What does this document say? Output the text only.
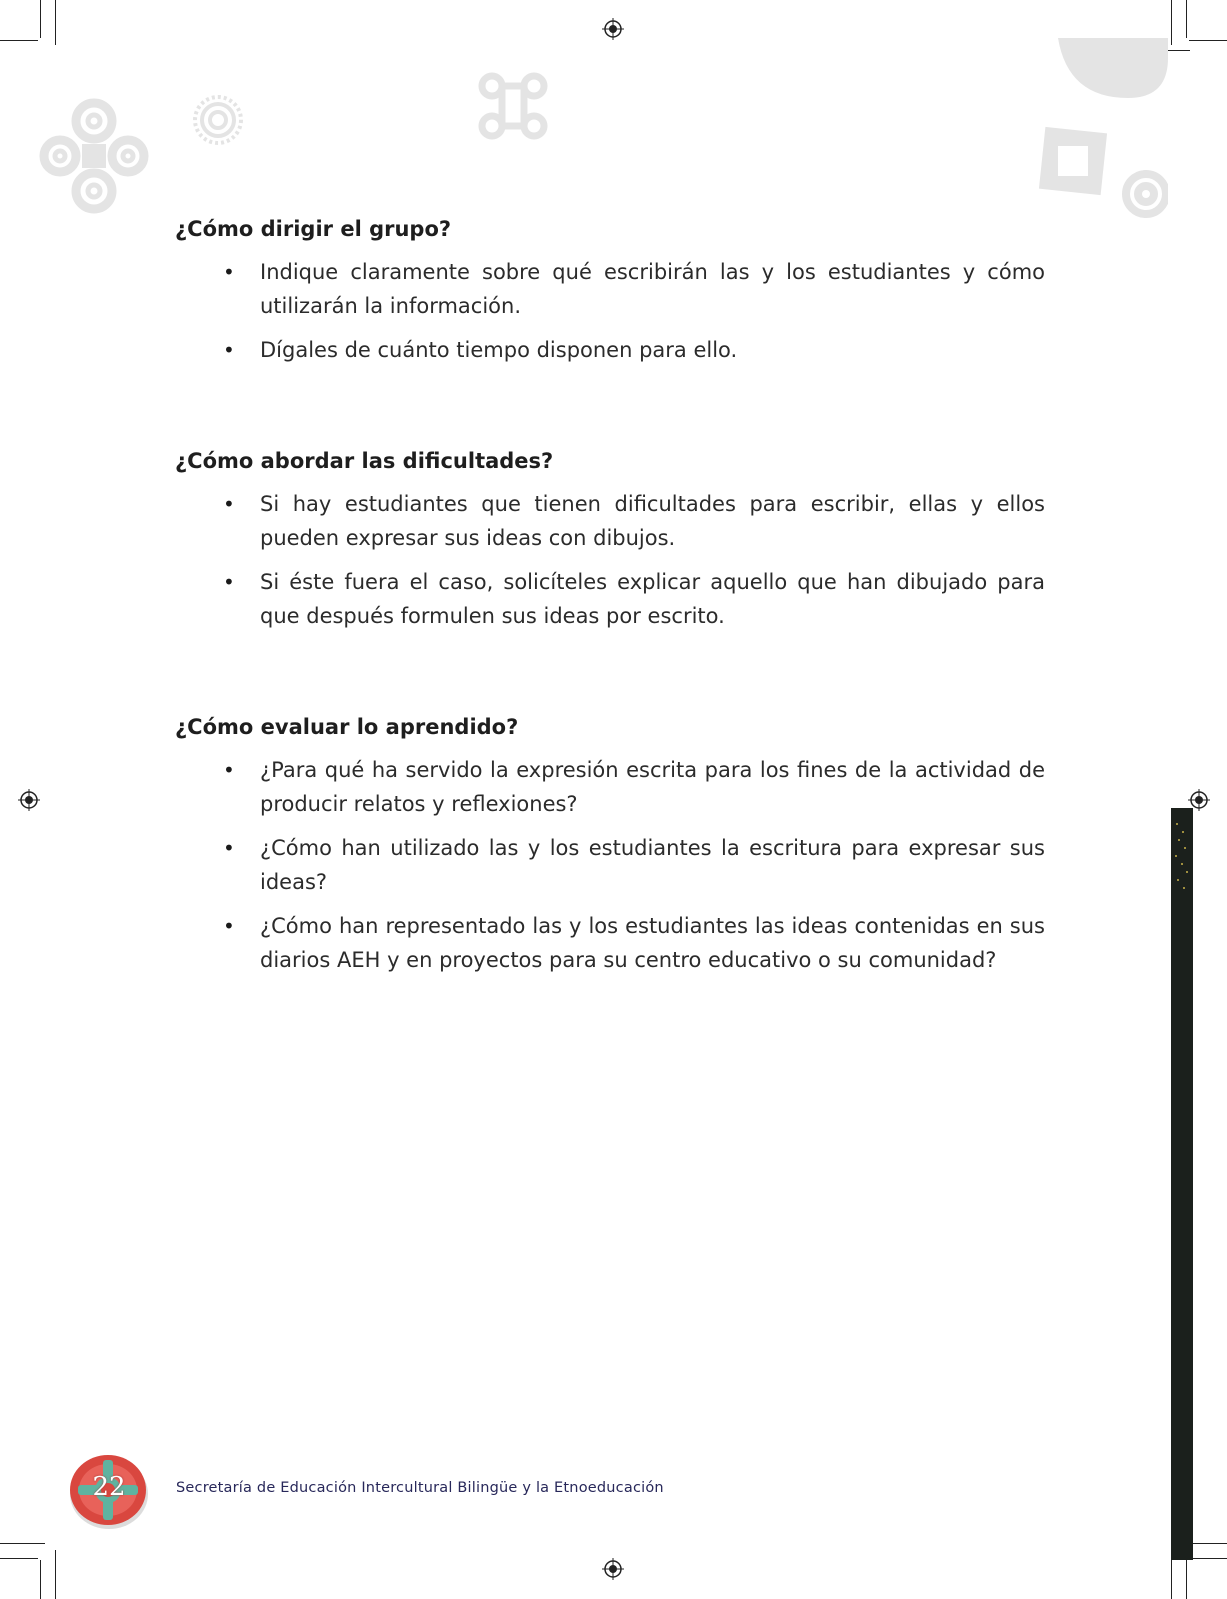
¿Cómo dirigir el grupo?
• Indique claramente sobre qué escribirán las y los estudiantes y cómo utilizarán la información.
• Dígales de cuánto tiempo disponen para ello.
¿Cómo abordar las dificultades?
• Si hay estudiantes que tienen dificultades para escribir, ellas y ellos pueden expresar sus ideas con dibujos.
• Si éste fuera el caso, solicíteles explicar aquello que han dibujado para que después formulen sus ideas por escrito.
¿Cómo evaluar lo aprendido?
• ¿Para qué ha servido la expresión escrita para los fines de la actividad de producir relatos y reflexiones?
• ¿Cómo han utilizado las y los estudiantes la escritura para expresar sus ideas?
• ¿Cómo han representado las y los estudiantes las ideas contenidas en sus diarios AEH y en proyectos para su centro educativo o su comunidad?
22	Secretaría de Educación Intercultural Bilingüe y la Etnoeducación
